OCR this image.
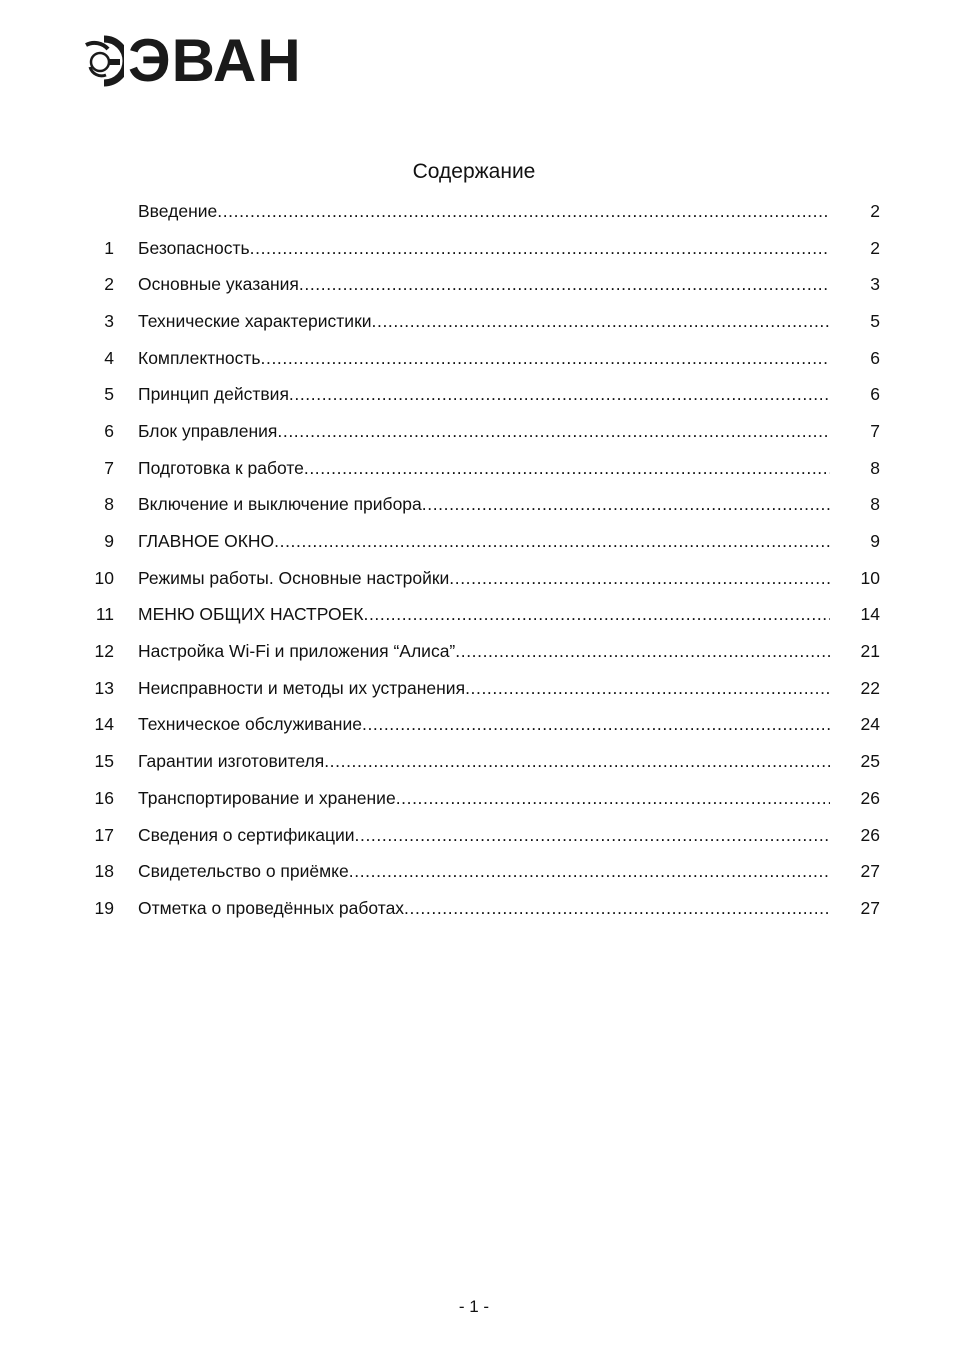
ЭВАН
Содержание
Введение .....	2
1 Безопасность .....	2
2 Основные указания .....	3
3 Технические характеристики .....	5
4 Комплектность .....	6
5 Принцип действия .....	6
6 Блок управления .....	7
7 Подготовка к работе .....	8
8 Включение и выключение прибора .....	8
9 ГЛАВНОЕ ОКНО .....	9
10 Режимы работы. Основные настройки .....	10
11 МЕНЮ ОБЩИХ НАСТРОЕК .....	14
12 Настройка Wi-Fi и приложения “Алиса” .....	21
13 Неисправности и методы их устранения .....	22
14 Техническое обслуживание .....	24
15 Гарантии изготовителя .....	25
16 Транспортирование и хранение .....	26
17 Сведения о сертификации .....	26
18 Свидетельство о приёмке .....	27
19 Отметка о проведённых работах .....	27
- 1 -
